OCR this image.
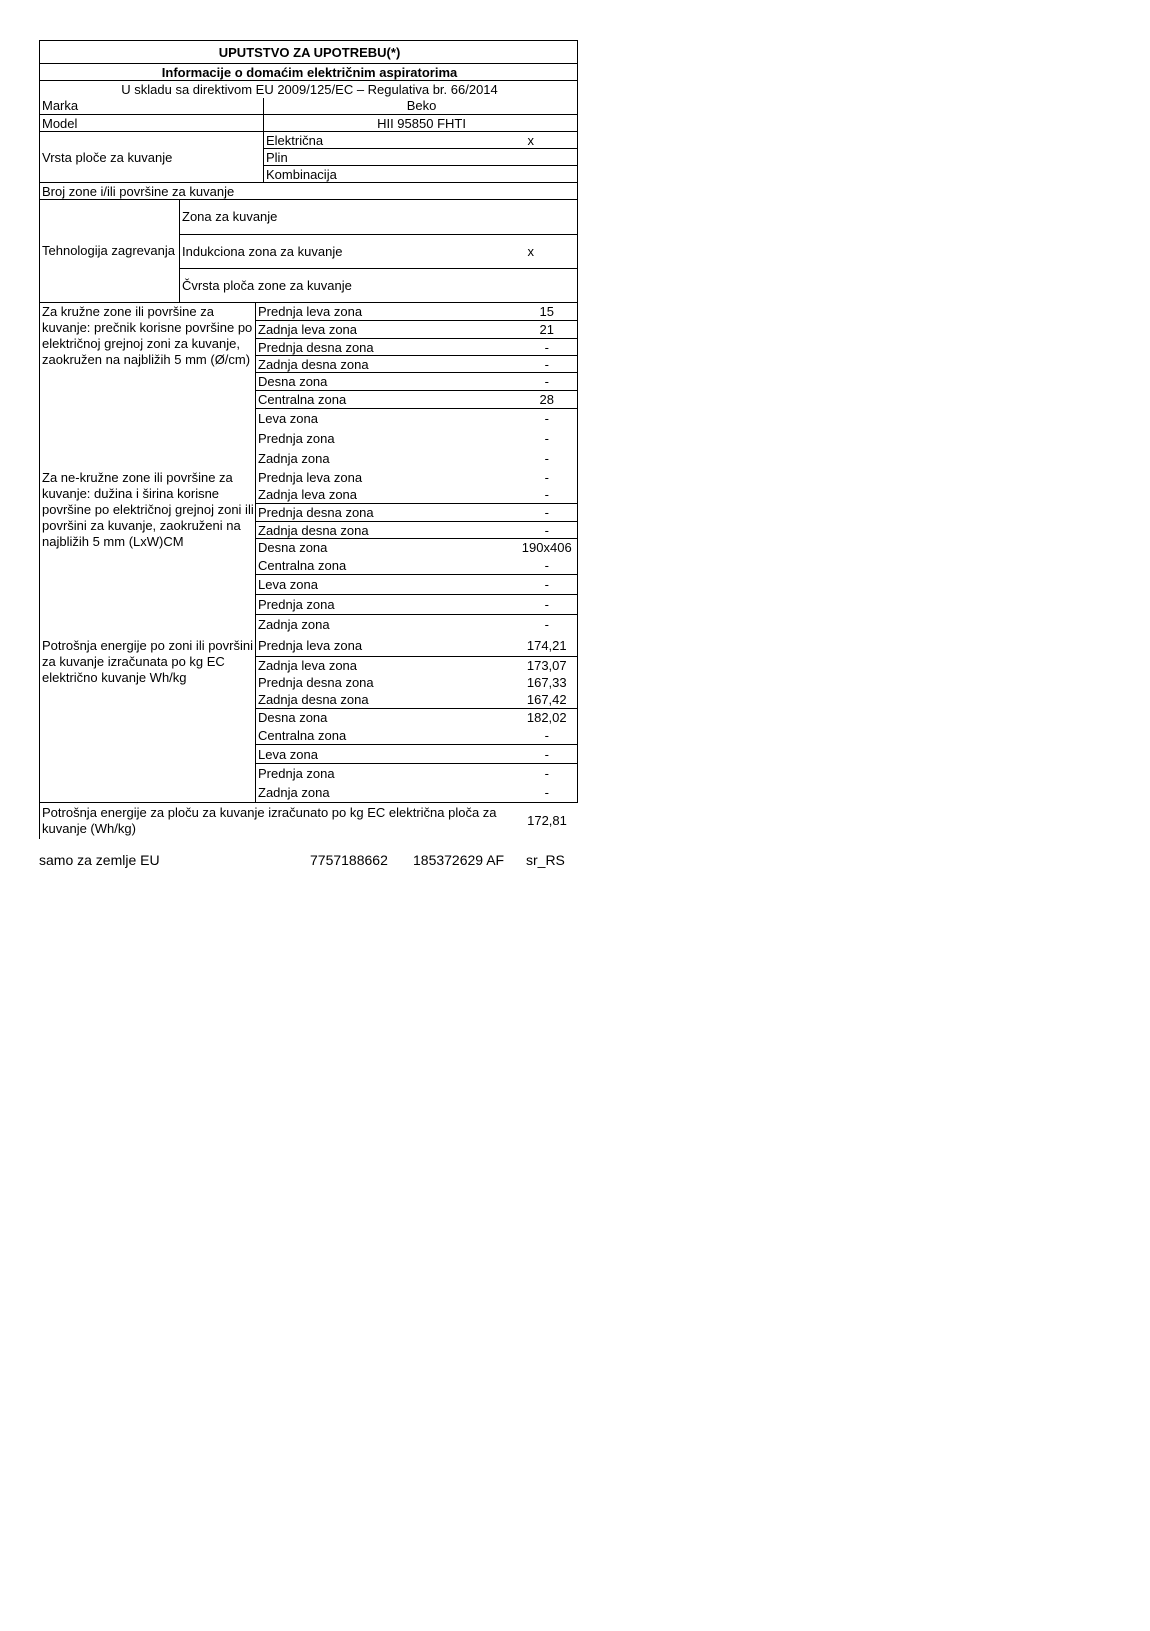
UPUTSTVO ZA UPOTREBU(*)		
Informacije o domaćim električnim aspiratorima		
U skladu sa direktivom EU 2009/125/EC – Regulativa br. 66/2014		
Marka	Beko	
Model	HII 95850 FHTI	
Vrsta ploče za kuvanje	Električna	x
	Plin	
	Kombinacija	
Broj zone i/ili površine za kuvanje		
Tehnologija zagrevanja	Zona za kuvanje	
	Indukciona zona za kuvanje	x
	Čvrsta ploča zone za kuvanje	
Za kružne zone ili površine za kuvanje: prečnik korisne površine po električnoj grejnoj zoni za kuvanje, zaokružen na najbližih 5 mm (Ø/cm)	Prednja leva zona	15
	Zadnja leva zona	21
	Prednja desna zona	-
	Zadnja desna zona	-
	Desna zona	-
	Centralna zona	28
	Leva zona	-
	Prednja zona	-
	Zadnja zona	-
Za ne-kružne zone ili površine za kuvanje: dužina i širina korisne površine po električnoj grejnoj zoni ili površini za kuvanje, zaokruženi na najbližih 5 mm (LxW)CM	Prednja leva zona	-
	Zadnja leva zona	-
	Prednja desna zona	-
	Zadnja desna zona	-
	Desna zona	190x406
	Centralna zona	-
	Leva zona	-
	Prednja zona	-
	Zadnja zona	-
Potrošnja energije po zoni ili površini za kuvanje izračunata po kg EC električno kuvanje Wh/kg	Prednja leva zona	174,21
	Zadnja leva zona	173,07
	Prednja desna zona	167,33
	Zadnja desna zona	167,42
	Desna zona	182,02
	Centralna zona	-
	Leva zona	-
	Prednja zona	-
	Zadnja zona	-
Potrošnja energije za ploču za kuvanje izračunato po kg EC električna ploča za kuvanje (Wh/kg)		172,81
samo za zemlje EU	7757188662 185372629 AF sr_RS
